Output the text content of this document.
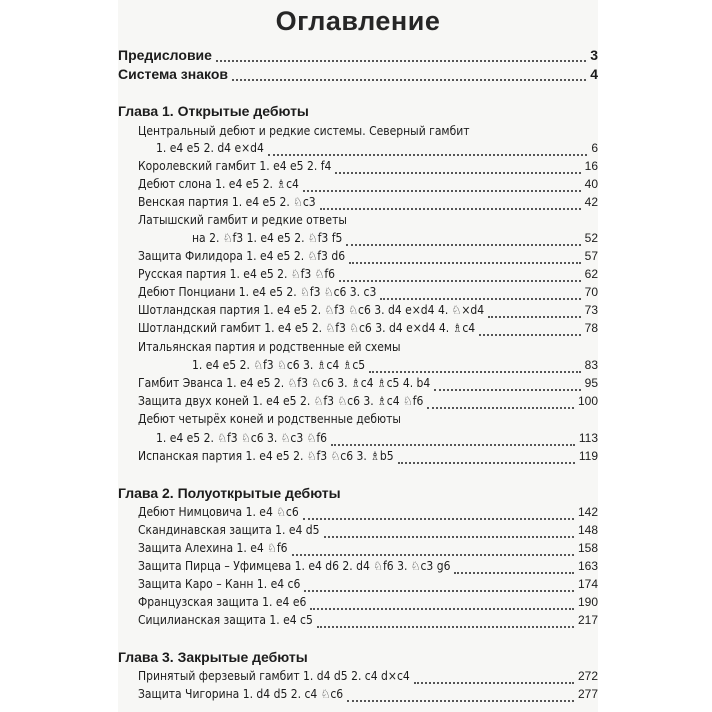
Оглавление
Предисловие	3
Система знаков	4
Глава 1. Открытые дебюты
Центральный дебют и редкие системы. Северный гамбит
1. e4 e5 2. d4 e×d4	6
Королевский гамбит 1. e4 e5 2. f4	16
Дебют слона 1. e4 e5 2. ♗c4	40
Венская партия 1. e4 e5 2. ♘c3	42
Латышский гамбит и редкие ответы
на 2. ♘f3 1. e4 e5 2. ♘f3 f5	52
Защита Филидора 1. e4 e5 2. ♘f3 d6	57
Русская партия 1. e4 e5 2. ♘f3 ♘f6	62
Дебют Понциани 1. e4 e5 2. ♘f3 ♘c6 3. c3	70
Шотландская партия 1. e4 e5 2. ♘f3 ♘c6 3. d4 e×d4 4. ♘×d4	73
Шотландский гамбит 1. e4 e5 2. ♘f3 ♘c6 3. d4 e×d4 4. ♗c4	78
Итальянская партия и родственные ей схемы
1. e4 e5 2. ♘f3 ♘c6 3. ♗c4 ♗c5	83
Гамбит Эванса 1. e4 e5 2. ♘f3 ♘c6 3. ♗c4 ♗c5 4. b4	95
Защита двух коней 1. e4 e5 2. ♘f3 ♘c6 3. ♗c4 ♘f6	100
Дебют четырёх коней и родственные дебюты
1. e4 e5 2. ♘f3 ♘c6 3. ♘c3 ♘f6	113
Испанская партия 1. e4 e5 2. ♘f3 ♘c6 3. ♗b5	119
Глава 2. Полуоткрытые дебюты
Дебют Нимцовича 1. e4 ♘c6	142
Скандинавская защита 1. e4 d5	148
Защита Алехина 1. e4 ♘f6	158
Защита Пирца – Уфимцева 1. e4 d6 2. d4 ♘f6 3. ♘c3 g6	163
Защита Каро – Канн 1. e4 c6	174
Французская защита 1. e4 e6	190
Сицилианская защита 1. e4 c5	217
Глава 3. Закрытые дебюты
Принятый ферзевый гамбит 1. d4 d5 2. c4 d×c4	272
Защита Чигорина 1. d4 d5 2. c4 ♘c6	277
